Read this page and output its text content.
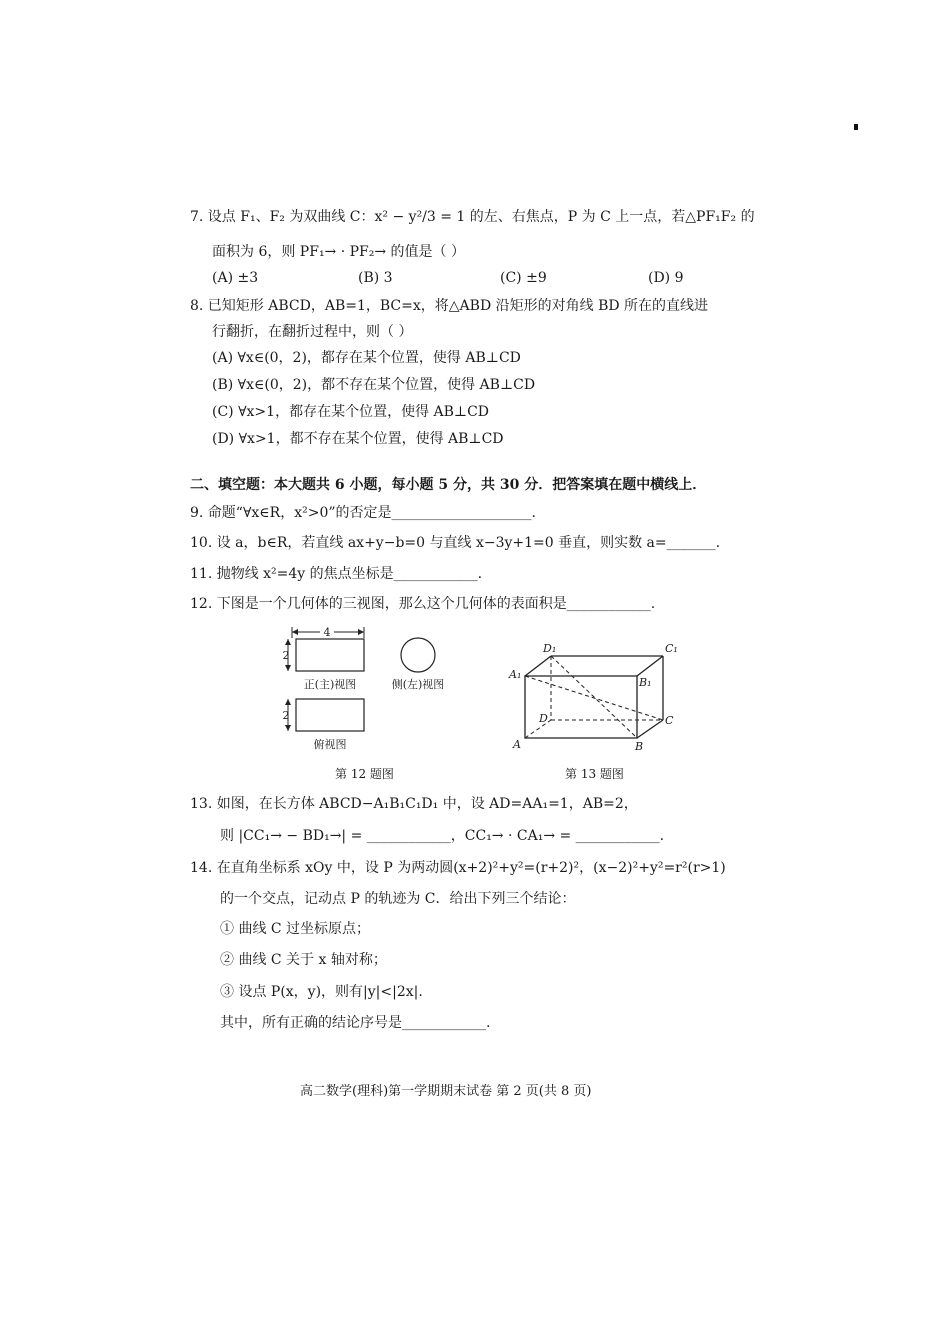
7. 设点 F₁、F₂ 为双曲线 C：x² − y²/3 = 1 的左、右焦点，P 为 C 上一点，若△PF₁F₂ 的
面积为 6，则 PF₁→ · PF₂→ 的值是（ ）
(A) ±3	(B) 3	(C) ±9	(D) 9
8. 已知矩形 ABCD，AB=1，BC=x，将△ABD 沿矩形的对角线 BD 所在的直线进
行翻折，在翻折过程中，则（ ）
(A) ∀x∈(0，2)，都存在某个位置，使得 AB⊥CD
(B) ∀x∈(0，2)，都不存在某个位置，使得 AB⊥CD
(C) ∀x>1，都存在某个位置，使得 AB⊥CD
(D) ∀x>1，都不存在某个位置，使得 AB⊥CD
二、填空题：本大题共 6 小题，每小题 5 分，共 30 分．把答案填在题中横线上．
9. 命题“∀x∈R，x²>0”的否定是____________________.
10. 设 a，b∈R，若直线 ax+y−b=0 与直线 x−3y+1=0 垂直，则实数 a=_______.
11. 抛物线 x²=4y 的焦点坐标是____________.
12. 下图是一个几何体的三视图，那么这个几何体的表面积是____________.
4
2
正(主)视图	侧(左)视图
2
俯视图
第 12 题图
D₁	C₁
A₁
B₁
D	C
A	B
第 13 题图
13. 如图，在长方体 ABCD−A₁B₁C₁D₁ 中，设 AD=AA₁=1，AB=2，
则 |CC₁→ − BD₁→| = ____________，CC₁→ · CA₁→ = ____________.
14. 在直角坐标系 xOy 中，设 P 为两动圆(x+2)²+y²=(r+2)²，(x−2)²+y²=r²(r>1)
的一个交点，记动点 P 的轨迹为 C．给出下列三个结论：
① 曲线 C 过坐标原点；
② 曲线 C 关于 x 轴对称；
③ 设点 P(x，y)，则有|y|<|2x|.
其中，所有正确的结论序号是____________.
高二数学(理科)第一学期期末试卷 第 2 页(共 8 页)
